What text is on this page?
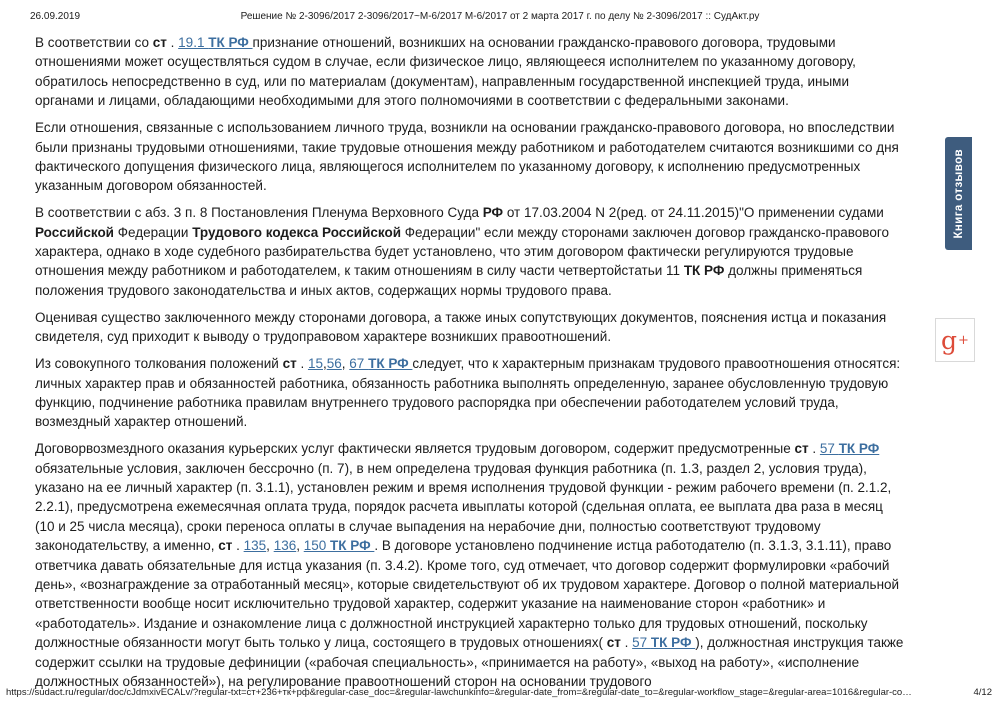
26.09.2019	Решение № 2-3096/2017 2-3096/2017~М-6/2017 М-6/2017 от 2 марта 2017 г. по делу № 2-3096/2017 :: СудАкт.ру

В соответствии со ст . 19.1 ТК РФ признание отношений, возникших на основании гражданско-правового договора, трудовыми отношениями может осуществляться судом в случае, если физическое лицо, являющееся исполнителем по указанному договору, обратилось непосредственно в суд, или по материалам (документам), направленным государственной инспекцией труда, иными органами и лицами, обладающими необходимыми для этого полномочиями в соответствии с федеральными законами.

Если отношения, связанные с использованием личного труда, возникли на основании гражданско-правового договора, но впоследствии были признаны трудовыми отношениями, такие трудовые отношения между работником и работодателем считаются возникшими со дня фактического допущения физического лица, являющегося исполнителем по указанному договору, к исполнению предусмотренных указанным договором обязанностей.

В соответствии с абз. 3 п. 8 Постановления Пленума Верховного Суда РФ от 17.03.2004 N 2(ред. от 24.11.2015)"О применении судами Российской Федерации Трудового кодекса Российской Федерации" если между сторонами заключен договор гражданско-правового характера, однако в ходе судебного разбирательства будет установлено, что этим договором фактически регулируются трудовые отношения между работником и работодателем, к таким отношениям в силу части четвертойстатьи 11 ТК РФ должны применяться положения трудового законодательства и иных актов, содержащих нормы трудового права.

Оценивая существо заключенного между сторонами договора, а также иных сопутствующих документов, пояснения истца и показания свидетеля, суд приходит к выводу о трудоправовом характере возникших правоотношений.

Из совокупного толкования положений ст . 15,56, 67 ТК РФ следует, что к характерным признакам трудового правоотношения относятся: личных характер прав и обязанностей работника, обязанность работника выполнять определенную, заранее обусловленную трудовую функцию, подчинение работника правилам внутреннего трудового распорядка при обеспечении работодателем условий труда, возмездный характер отношений.

Договорвозмездного оказания курьерских услуг фактически является трудовым договором, содержит предусмотренные ст . 57 ТК РФ обязательные условия, заключен бессрочно (п. 7), в нем определена трудовая функция работника (п. 1.3, раздел 2, условия труда), указано на ее личный характер (п. 3.1.1), установлен режим и время исполнения трудовой функции - режим рабочего времени (п. 2.1.2, 2.2.1), предусмотрена ежемесячная оплата труда, порядок расчета ивыплаты которой (сдельная оплата, ее выплата два раза в месяц (10 и 25 числа месяца), сроки переноса оплаты в случае выпадения на нерабочие дни, полностью соответствуют трудовому законодательству, а именно, ст . 135, 136, 150 ТК РФ . В договоре установлено подчинение истца работодателю (п. 3.1.3, 3.1.11), право ответчика давать обязательные для истца указания (п. 3.4.2). Кроме того, суд отмечает, что договор содержит формулировки «рабочий день», «вознаграждение за отработанный месяц», которые свидетельствуют об их трудовом характере. Договор о полной материальной ответственности вообще носит исключительно трудовой характер, содержит указание на наименование сторон «работник» и «работодатель». Издание и ознакомление лица с должностной инструкцией характерно только для трудовых отношений, поскольку должностные обязанности могут быть только у лица, состоящего в трудовых отношениях( ст . 57 ТК РФ ), должностная инструкция также содержит ссылки на трудовые дефиниции («рабочая специальность», «принимается на работу», «выход на работу», «исполнение должностных обязанностей»), на регулирование правоотношений сторон на основании трудового

Книга отзывов
g +
https://sudact.ru/regular/doc/cJdmxivECALv/?regular-txt=ст+236+тк+рф&regular-case_doc=&regular-lawchunkinfo=&regular-date_from=&regular-date_to=&regular-workflow_stage=&regular-area=1016&regular-co…	4/12
